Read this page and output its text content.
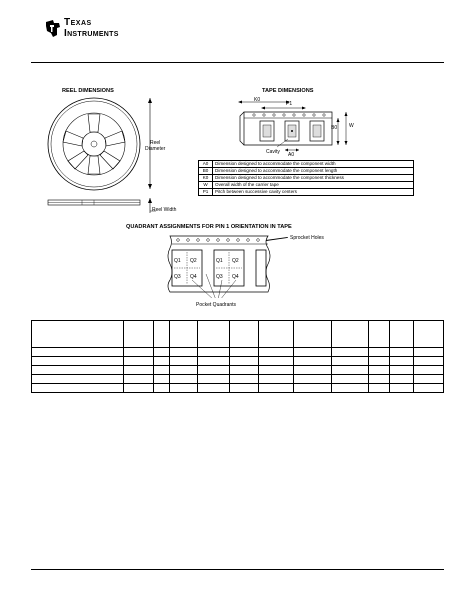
Texas
Instruments
REEL DIMENSIONS
Reel
Diameter
Reel Width
TAPE DIMENSIONS
K0
P1
B0 W
Cavity A0
A0	Dimension designed to accommodate the component width
B0	Dimension designed to accommodate the component length
K0	Dimension designed to accommodate the component thickness
W	Overall width of the carrier tape
P1	Pitch between successive cavity centers
QUADRANT ASSIGNMENTS FOR PIN 1 ORIENTATION IN TAPE
Q1 Q2
Q3 Q4
Q1 Q2
Q3 Q4
Sprocket Holes
Pocket Quadrants
